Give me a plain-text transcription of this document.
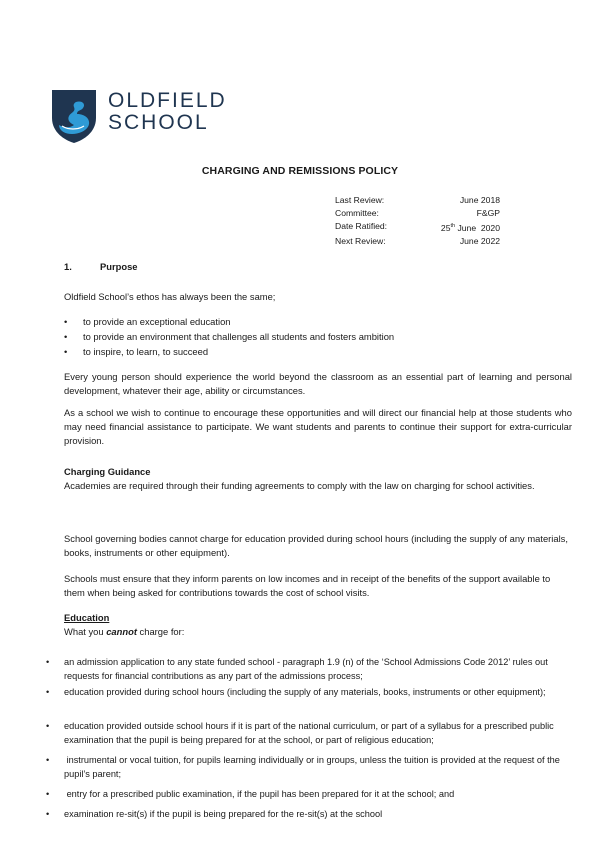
OLDFIELD
SCHOOL
CHARGING AND REMISSIONS POLICY
Last Review:	June 2018
Committee:	F&GP
Date Ratified:	25th June  2020
Next Review:	June 2022
1.	Purpose
Oldfield School’s ethos has always been the same;
•	to provide an exceptional education
•	to provide an environment that challenges all students and fosters ambition
•	to inspire, to learn, to succeed
Every young person should experience the world beyond the classroom as an essential part of learning and personal development, whatever their age, ability or circumstances.
As a school we wish to continue to encourage these opportunities and will direct our financial help at those students who may need financial assistance to participate. We want students and parents to continue their support for extra-curricular provision.
Charging Guidance
Academies are required through their funding agreements to comply with the law on charging for school activities.
School governing bodies cannot charge for education provided during school hours (including the supply of any materials, books, instruments or other equipment).
Schools must ensure that they inform parents on low incomes and in receipt of the benefits of the support available to them when being asked for contributions towards the cost of school visits.
Education
What you cannot charge for:
•	an admission application to any state funded school - paragraph 1.9 (n) of the ‘School Admissions Code 2012’ rules out requests for financial contributions as any part of the admissions process;
•	education provided during school hours (including the supply of any materials, books, instruments or other equipment);
•	education provided outside school hours if it is part of the national curriculum, or part of a syllabus for a prescribed public examination that the pupil is being prepared for at the school, or part of religious education;
•	instrumental or vocal tuition, for pupils learning individually or in groups, unless the tuition is provided at the request of the pupil’s parent;
•	entry for a prescribed public examination, if the pupil has been prepared for it at the school; and
•	examination re-sit(s) if the pupil is being prepared for the re-sit(s) at the school
